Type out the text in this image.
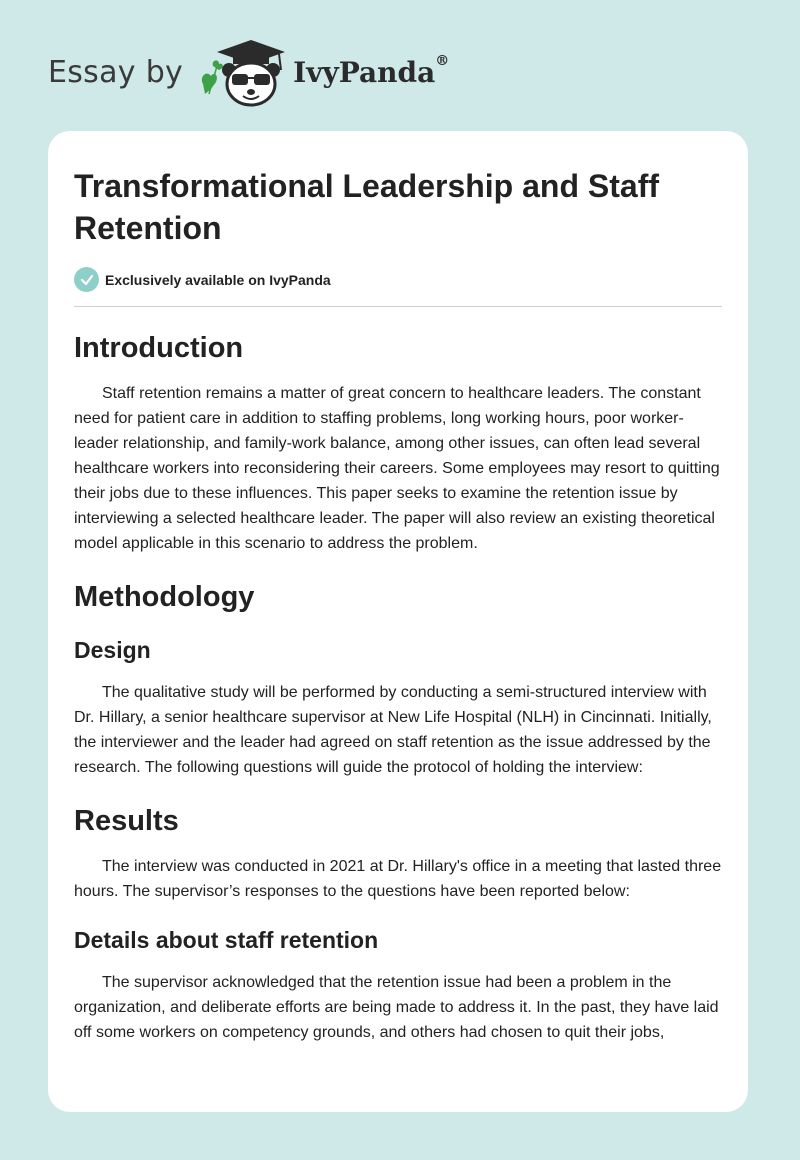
Essay by	IvyPanda®
Transformational Leadership and Staff Retention
Exclusively available on IvyPanda
Introduction

Staff retention remains a matter of great concern to healthcare leaders. The constant need for patient care in addition to staffing problems, long working hours, poor worker-leader relationship, and family-work balance, among other issues, can often lead several healthcare workers into reconsidering their careers. Some employees may resort to quitting their jobs due to these influences. This paper seeks to examine the retention issue by interviewing a selected healthcare leader. The paper will also review an existing theoretical model applicable in this scenario to address the problem.

Methodology
Design

The qualitative study will be performed by conducting a semi-structured interview with Dr. Hillary, a senior healthcare supervisor at New Life Hospital (NLH) in Cincinnati. Initially, the interviewer and the leader had agreed on staff retention as the issue addressed by the research. The following questions will guide the protocol of holding the interview:

Results

The interview was conducted in 2021 at Dr. Hillary's office in a meeting that lasted three hours. The supervisor’s responses to the questions have been reported below:

Details about staff retention

The supervisor acknowledged that the retention issue had been a problem in the organization, and deliberate efforts are being made to address it. In the past, they have laid off some workers on competency grounds, and others had chosen to quit their jobs,
